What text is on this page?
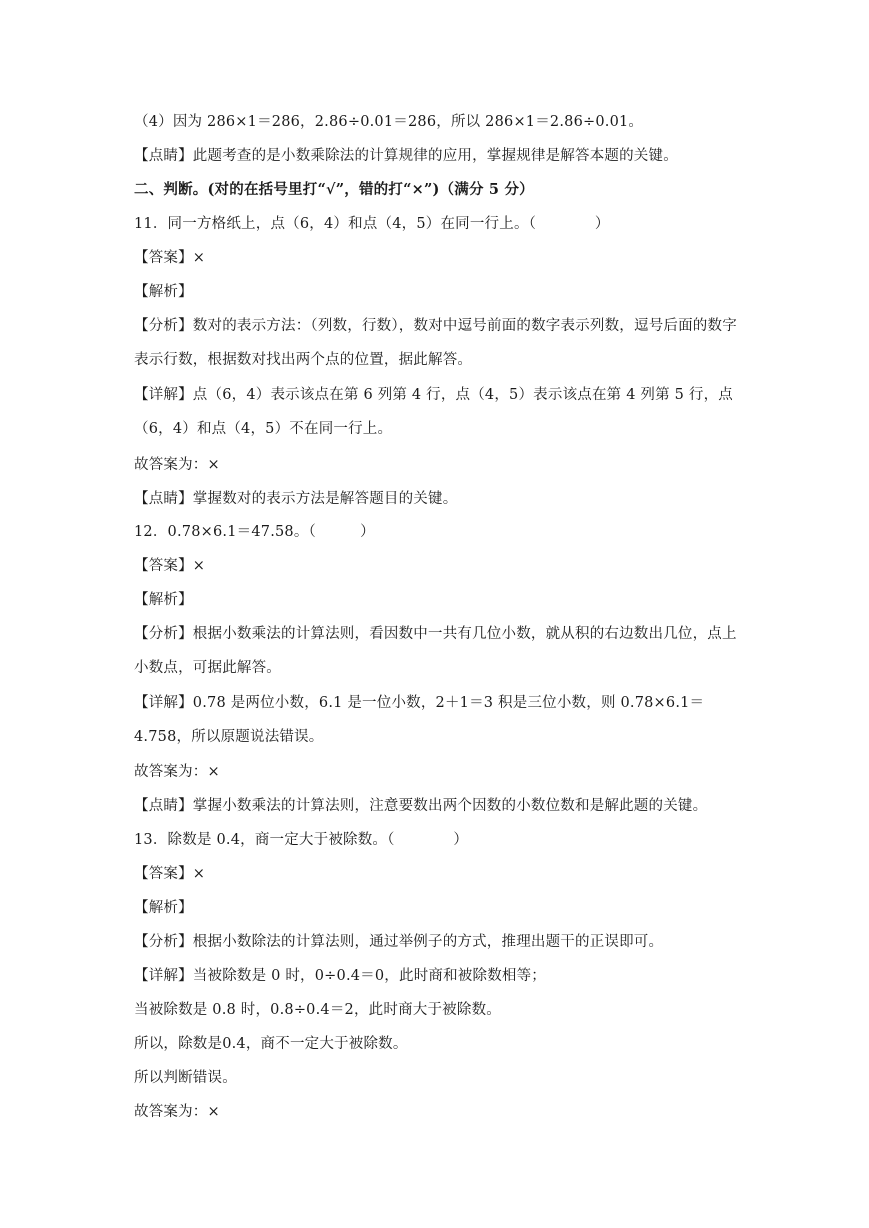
（4）因为 286×1＝286，2.86÷0.01＝286，所以 286×1＝2.86÷0.01。
【点睛】此题考查的是小数乘除法的计算规律的应用，掌握规律是解答本题的关键。
二、判断。(对的在括号里打“√”，错的打“×”)（满分 5 分）
11．同一方格纸上，点（6，4）和点（4，5）在同一行上。（　　　　）
【答案】×
【解析】
【分析】数对的表示方法：（列数，行数），数对中逗号前面的数字表示列数，逗号后面的数字表示行数，根据数对找出两个点的位置，据此解答。
【详解】点（6，4）表示该点在第 6 列第 4 行，点（4，5）表示该点在第 4 列第 5 行，点（6，4）和点（4，5）不在同一行上。
故答案为：×
【点睛】掌握数对的表示方法是解答题目的关键。
12．0.78×6.1＝47.58。（　　　）
【答案】×
【解析】
【分析】根据小数乘法的计算法则，看因数中一共有几位小数，就从积的右边数出几位，点上小数点，可据此解答。
【详解】0.78 是两位小数，6.1 是一位小数，2＋1＝3 积是三位小数，则 0.78×6.1＝4.758，所以原题说法错误。
故答案为：×
【点睛】掌握小数乘法的计算法则，注意要数出两个因数的小数位数和是解此题的关键。
13．除数是 0.4，商一定大于被除数。（　　　　）
【答案】×
【解析】
【分析】根据小数除法的计算法则，通过举例子的方式，推理出题干的正误即可。
【详解】当被除数是 0 时，0÷0.4＝0，此时商和被除数相等；
当被除数是 0.8 时，0.8÷0.4＝2，此时商大于被除数。
所以，除数是0.4，商不一定大于被除数。
所以判断错误。
故答案为：×
